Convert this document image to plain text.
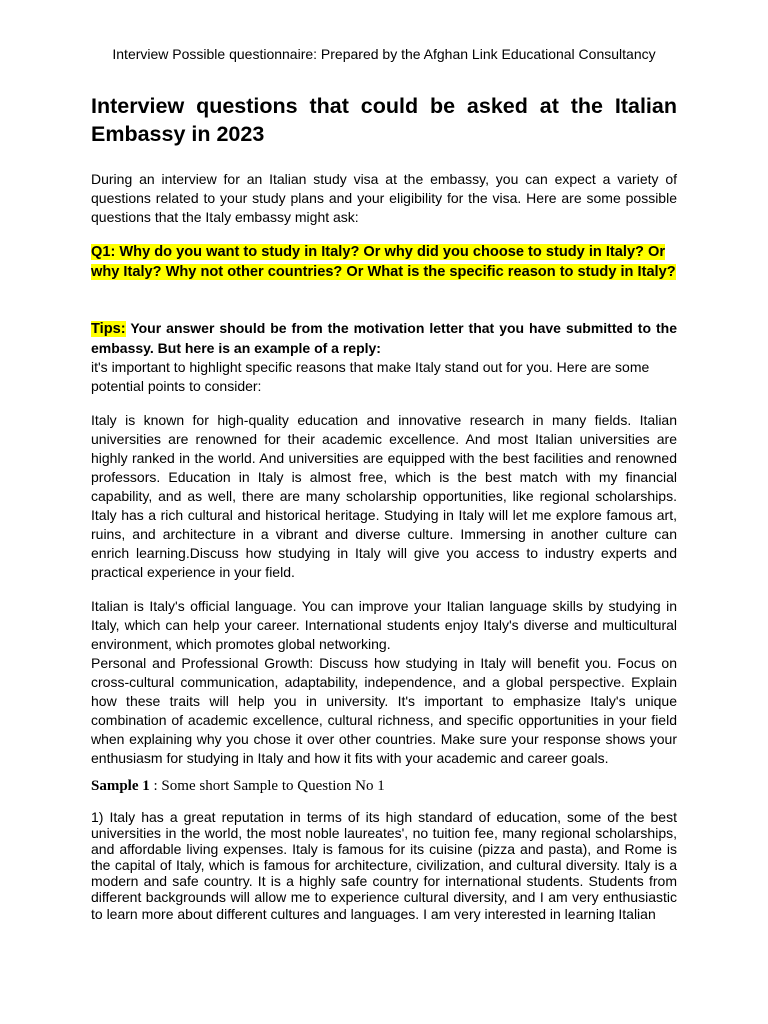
Interview Possible questionnaire: Prepared by the Afghan Link Educational Consultancy
Interview questions that could be asked at the Italian Embassy in 2023

During an interview for an Italian study visa at the embassy, you can expect a variety of questions related to your study plans and your eligibility for the visa. Here are some possible questions that the Italy embassy might ask:

Q1: Why do you want to study in Italy? Or why did you choose to study in Italy? Or why Italy? Why not other countries? Or What is the specific reason to study in Italy?

Tips: Your answer should be from the motivation letter that you have submitted to the embassy. But here is an example of a reply:

it's important to highlight specific reasons that make Italy stand out for you. Here are some potential points to consider:

Italy is known for high-quality education and innovative research in many fields. Italian universities are renowned for their academic excellence. And most Italian universities are highly ranked in the world. And universities are equipped with the best facilities and renowned professors. Education in Italy is almost free, which is the best match with my financial capability, and as well, there are many scholarship opportunities, like regional scholarships. Italy has a rich cultural and historical heritage. Studying in Italy will let me explore famous art, ruins, and architecture in a vibrant and diverse culture. Immersing in another culture can enrich learning.Discuss how studying in Italy will give you access to industry experts and practical experience in your field.

Italian is Italy's official language. You can improve your Italian language skills by studying in Italy, which can help your career. International students enjoy Italy's diverse and multicultural environment, which promotes global networking.

Personal and Professional Growth: Discuss how studying in Italy will benefit you. Focus on cross-cultural communication, adaptability, independence, and a global perspective. Explain how these traits will help you in university. It's important to emphasize Italy's unique combination of academic excellence, cultural richness, and specific opportunities in your field when explaining why you chose it over other countries. Make sure your response shows your enthusiasm for studying in Italy and how it fits with your academic and career goals.

Sample 1 : Some short Sample to Question No 1

1) Italy has a great reputation in terms of its high standard of education, some of the best universities in the world, the most noble laureates', no tuition fee, many regional scholarships, and affordable living expenses. Italy is famous for its cuisine (pizza and pasta), and Rome is the capital of Italy, which is famous for architecture, civilization, and cultural diversity. Italy is a modern and safe country. It is a highly safe country for international students. Students from different backgrounds will allow me to experience cultural diversity, and I am very enthusiastic to learn more about different cultures and languages. I am very interested in learning Italian
